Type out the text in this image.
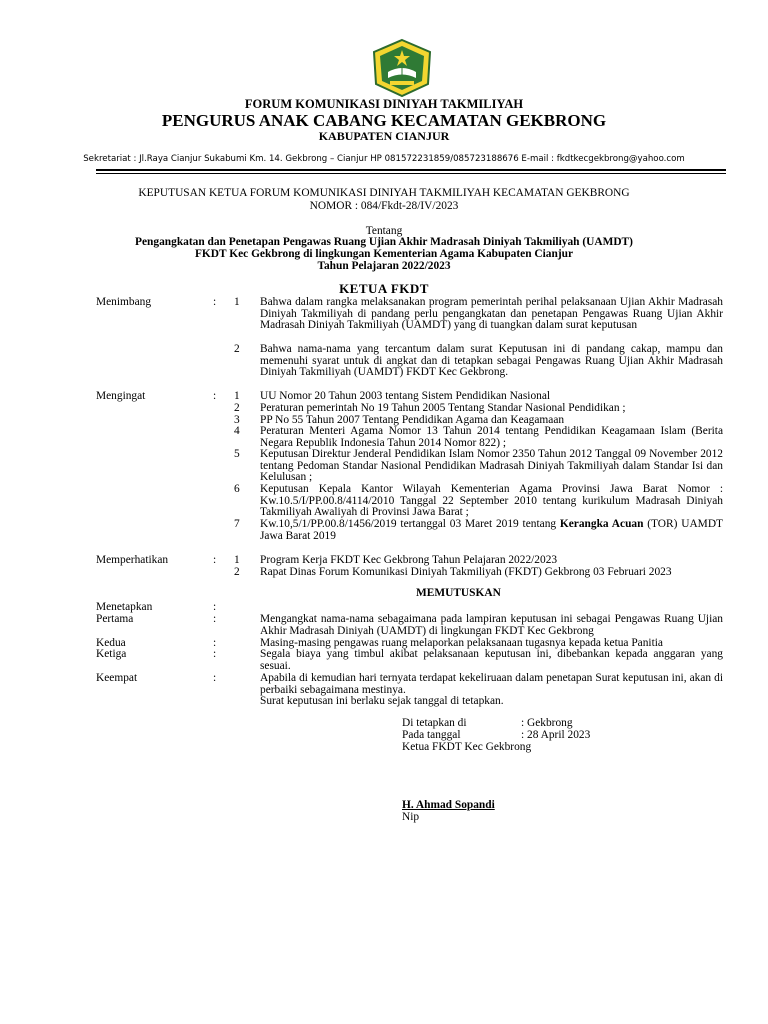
FORUM KOMUNIKASI DINIYAH TAKMILIYAH
PENGURUS ANAK CABANG KECAMATAN GEKBRONG
KABUPATEN CIANJUR
Sekretariat : Jl.Raya Cianjur Sukabumi Km. 14. Gekbrong – Cianjur HP 081572231859/085723188676 E-mail : fkdtkecgekbrong@yahoo.com
KEPUTUSAN KETUA FORUM KOMUNIKASI DINIYAH TAKMILIYAH KECAMATAN GEKBRONG
NOMOR : 084/Fkdt-28/IV/2023
Tentang
Pengangkatan dan Penetapan Pengawas Ruang Ujian Akhir Madrasah Diniyah Takmiliyah (UAMDT)
FKDT Kec Gekbrong di lingkungan Kementerian Agama Kabupaten Cianjur
Tahun Pelajaran 2022/2023
KETUA FKDT
Menimbang	: 1 Bahwa dalam rangka melaksanakan program pemerintah perihal pelaksanaan Ujian Akhir Madrasah Diniyah Takmiliyah di pandang perlu pengangkatan dan penetapan Pengawas Ruang Ujian Akhir Madrasah Diniyah Takmiliyah (UAMDT) yang di tuangkan dalam surat keputusan
2 Bahwa nama-nama yang tercantum dalam surat Keputusan ini di pandang cakap, mampu dan memenuhi syarat untuk di angkat dan di tetapkan sebagai Pengawas Ruang Ujian Akhir Madrasah Diniyah Takmiliyah (UAMDT) FKDT Kec Gekbrong.
Mengingat	: 1 UU Nomor 20 Tahun 2003 tentang Sistem Pendidikan Nasional
2 Peraturan pemerintah No 19 Tahun 2005 Tentang Standar Nasional Pendidikan ;
3 PP No 55 Tahun 2007 Tentang Pendidikan Agama dan Keagamaan
4 Peraturan Menteri Agama Nomor 13 Tahun 2014 tentang Pendidikan Keagamaan Islam (Berita Negara Republik Indonesia Tahun 2014 Nomor 822) ;
5 Keputusan Direktur Jenderal Pendidikan Islam Nomor 2350 Tahun 2012 Tanggal 09 November 2012 tentang Pedoman Standar Nasional Pendidikan Madrasah Diniyah Takmiliyah dalam Standar Isi dan Kelulusan ;
6 Keputusan Kepala Kantor Wilayah Kementerian Agama Provinsi Jawa Barat Nomor : Kw.10.5/I/PP.00.8/4114/2010 Tanggal 22 September 2010 tentang kurikulum Madrasah Diniyah Takmiliyah Awaliyah di Provinsi Jawa Barat ;
7 Kw.10,5/1/PP.00.8/1456/2019 tertanggal 03 Maret 2019 tentang Kerangka Acuan (TOR) UAMDT Jawa Barat 2019
Memperhatikan	: 1 Program Kerja FKDT Kec Gekbrong Tahun Pelajaran 2022/2023
2 Rapat Dinas Forum Komunikasi Diniyah Takmiliyah (FKDT) Gekbrong 03 Februari 2023
MEMUTUSKAN
Menetapkan	:
Pertama	:	Mengangkat nama-nama sebagaimana pada lampiran keputusan ini sebagai Pengawas Ruang Ujian Akhir Madrasah Diniyah (UAMDT) di lingkungan FKDT Kec Gekbrong
Kedua	:	Masing-masing pengawas ruang melaporkan pelaksanaan tugasnya kepada ketua Panitia
Ketiga	:	Segala biaya yang timbul akibat pelaksanaan keputusan ini, dibebankan kepada anggaran yang sesuai.
Keempat	:	Apabila di kemudian hari ternyata terdapat kekeliruaan dalam penetapan Surat keputusan ini, akan di perbaiki sebagaimana mestinya.
Surat keputusan ini berlaku sejak tanggal di tetapkan.
Di tetapkan di	: Gekbrong
Pada tanggal	: 28 April 2023
Ketua FKDT Kec Gekbrong
H. Ahmad Sopandi
Nip
